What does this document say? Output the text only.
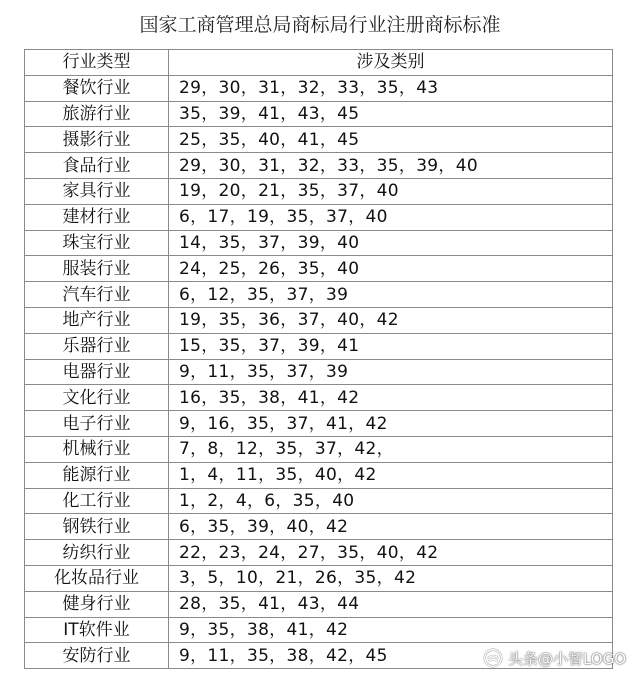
国家工商管理总局商标局行业注册商标标准
行业类型	涉及类别
餐饮行业	29，30，31，32，33，35，43
旅游行业	35，39，41，43，45
摄影行业	25，35，40，41，45
食品行业	29，30，31，32，33，35，39，40
家具行业	19，20，21，35，37，40
建材行业	6，17，19，35，37，40
珠宝行业	14，35，37，39，40
服装行业	24，25，26，35，40
汽车行业	6，12，35，37，39
地产行业	19，35，36，37，40，42
乐器行业	15，35，37，39，41
电器行业	9，11，35，37，39
文化行业	16，35，38，41，42
电子行业	9，16，35，37，41，42
机械行业	7，8，12，35，37，42，
能源行业	1，4，11，35，40，42
化工行业	1，2，4，6，35，40
钢铁行业	6，35，39，40，42
纺织行业	22，23，24，27，35，40，42
化妆品行业	3，5，10，21，26，35，42
健身行业	28，35，41，43，44
IT软件业	9，35，38，41，42
安防行业	9，11，35，38，42，45	头条@小智LOGO
